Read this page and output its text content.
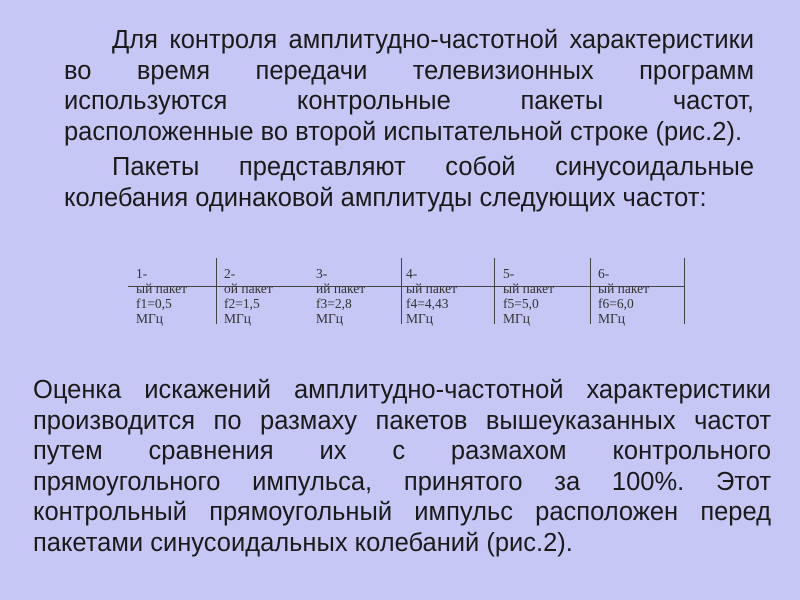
Для контроля амплитудно-частотной характеристики во время передачи телевизионных программ используются контрольные пакеты частот, расположенные во второй испытательной строке (рис.2).

Пакеты представляют собой синусоидальные колебания одинаковой амплитуды следующих частот:

1-
ый пакет
f1=0,5
МГц
2-
ой пакет
f2=1,5
МГц
3-
ий пакет
f3=2,8
МГц
4-
ый пакет
f4=4,43
МГц
5-
ый пакет
f5=5,0
МГц
6-
ый пакет
f6=6,0
МГц

Оценка искажений амплитудно-частотной характеристики производится по размаху пакетов вышеуказанных частот путем сравнения их с размахом контрольного прямоугольного импульса, принятого за 100%. Этот контрольный прямоугольный импульс расположен перед пакетами синусоидальных колебаний (рис.2).
